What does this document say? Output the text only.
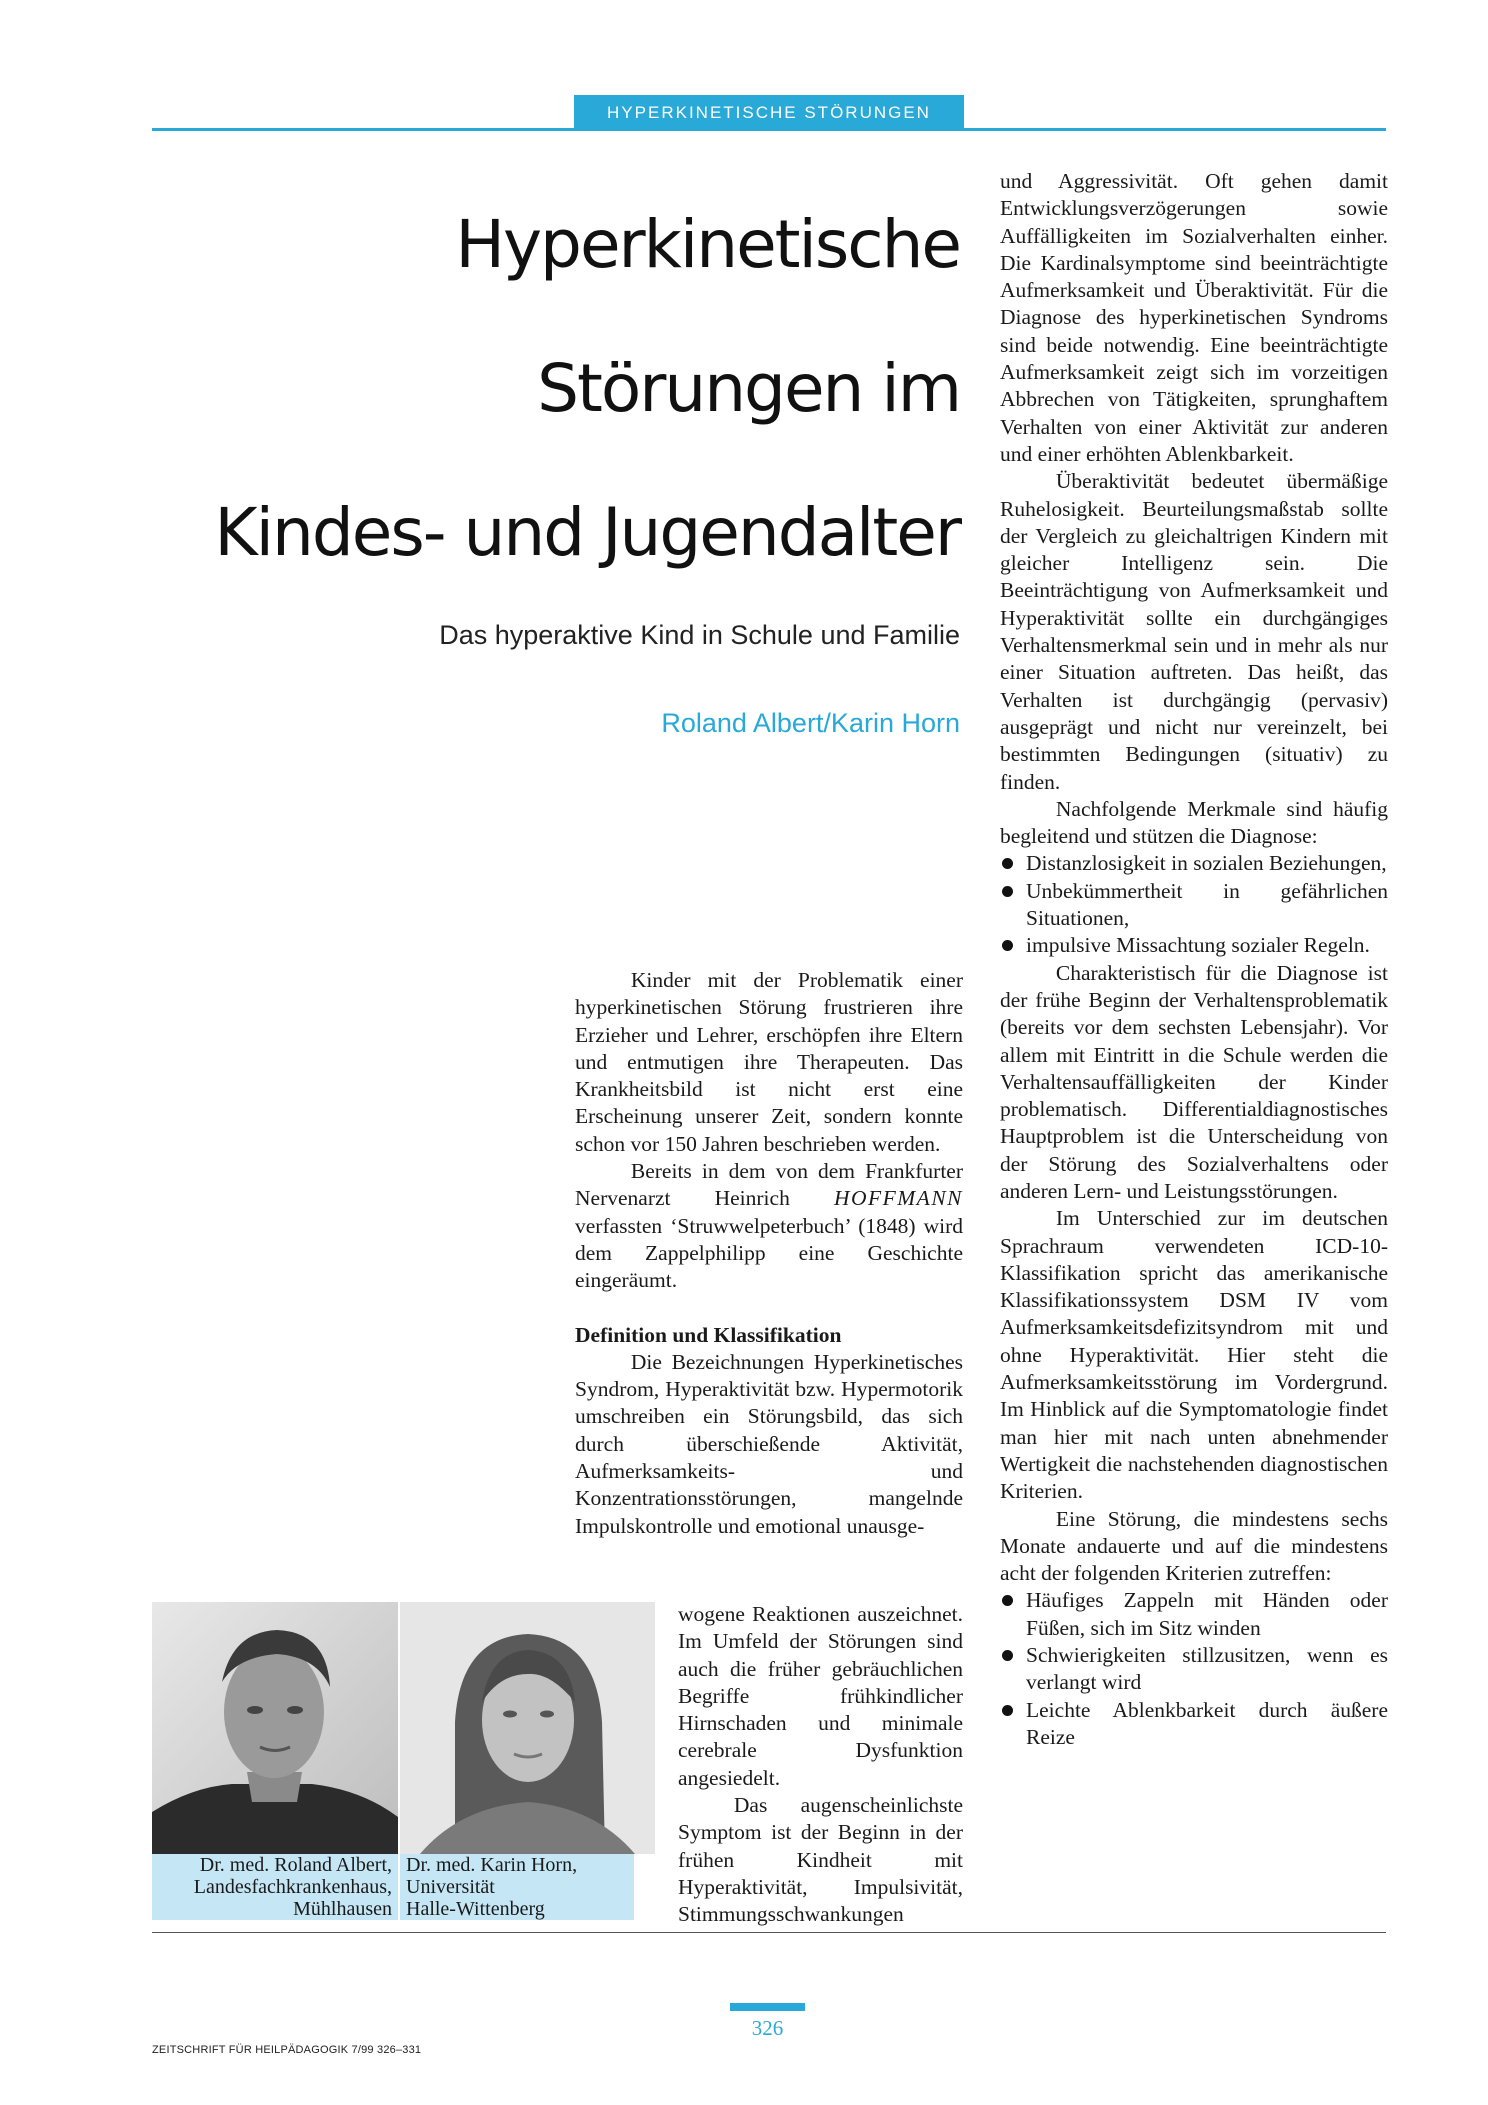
HYPERKINETISCHE STÖRUNGEN
Hyperkinetische
Störungen im
Kindes- und Jugendalter
Das hyperaktive Kind in Schule und Familie
Roland Albert/Karin Horn

Kinder mit der Problematik einer hyperkinetischen Störung frustrieren ihre Erzieher und Lehrer, erschöpfen ihre Eltern und entmutigen ihre Therapeuten. Das Krankheitsbild ist nicht erst eine Erscheinung unserer Zeit, sondern konnte schon vor 150 Jahren beschrieben werden.

Bereits in dem von dem Frankfurter Nervenarzt Heinrich HOFFMANN verfassten ‘Struwwelpeterbuch’ (1848) wird dem Zappelphilipp eine Geschichte eingeräumt.

Definition und Klassifikation

Die Bezeichnungen Hyperkinetisches Syndrom, Hyperaktivität bzw. Hypermotorik umschreiben ein Störungsbild, das sich durch überschießende Aktivität, Aufmerksamkeits- und Konzentrationsstörungen, mangelnde Impulskontrolle und emotional unausge-

wogene Reaktionen auszeichnet. Im Umfeld der Störungen sind auch die früher gebräuchlichen Begriffe frühkindlicher Hirnschaden und minimale cerebrale Dysfunktion angesiedelt.

Das augenscheinlichste Symptom ist der Beginn in der frühen Kindheit mit Hyperaktivität, Impulsivität, Stimmungsschwankungen

Dr. med. Roland Albert,
Landesfachkrankenhaus,
Mühlhausen
Dr. med. Karin Horn,
Universität
Halle-Wittenberg

und Aggressivität. Oft gehen damit Entwicklungsverzögerungen sowie Auffälligkeiten im Sozialverhalten einher. Die Kardinalsymptome sind beeinträchtigte Aufmerksamkeit und Überaktivität. Für die Diagnose des hyperkinetischen Syndroms sind beide notwendig. Eine beeinträchtigte Aufmerksamkeit zeigt sich im vorzeitigen Abbrechen von Tätigkeiten, sprunghaftem Verhalten von einer Aktivität zur anderen und einer erhöhten Ablenkbarkeit.

Überaktivität bedeutet übermäßige Ruhelosigkeit. Beurteilungsmaßstab sollte der Vergleich zu gleichaltrigen Kindern mit gleicher Intelligenz sein. Die Beeinträchtigung von Aufmerksamkeit und Hyperaktivität sollte ein durchgängiges Verhaltensmerkmal sein und in mehr als nur einer Situation auftreten. Das heißt, das Verhalten ist durchgängig (pervasiv) ausgeprägt und nicht nur vereinzelt, bei bestimmten Bedingungen (situativ) zu finden.

Nachfolgende Merkmale sind häufig begleitend und stützen die Diagnose:

Distanzlosigkeit in sozialen Beziehungen,

Unbekümmertheit in gefährlichen Situationen,

impulsive Missachtung sozialer Regeln.

Charakteristisch für die Diagnose ist der frühe Beginn der Verhaltensproblematik (bereits vor dem sechsten Lebensjahr). Vor allem mit Eintritt in die Schule werden die Verhaltensauffälligkeiten der Kinder problematisch. Differentialdiagnostisches Hauptproblem ist die Unterscheidung von der Störung des Sozialverhaltens oder anderen Lern- und Leistungsstörungen.

Im Unterschied zur im deutschen Sprachraum verwendeten ICD-10-Klassifikation spricht das amerikanische Klassifikationssystem DSM IV vom Aufmerksamkeitsdefizitsyndrom mit und ohne Hyperaktivität. Hier steht die Aufmerksamkeitsstörung im Vordergrund. Im Hinblick auf die Symptomatologie findet man hier mit nach unten abnehmender Wertigkeit die nachstehenden diagnostischen Kriterien.

Eine Störung, die mindestens sechs Monate andauerte und auf die mindestens acht der folgenden Kriterien zutreffen:

Häufiges Zappeln mit Händen oder Füßen, sich im Sitz winden

Schwierigkeiten stillzusitzen, wenn es verlangt wird

Leichte Ablenkbarkeit durch äußere Reize

ZEITSCHRIFT FÜR HEILPÄDAGOGIK 7/99 326–331
326
